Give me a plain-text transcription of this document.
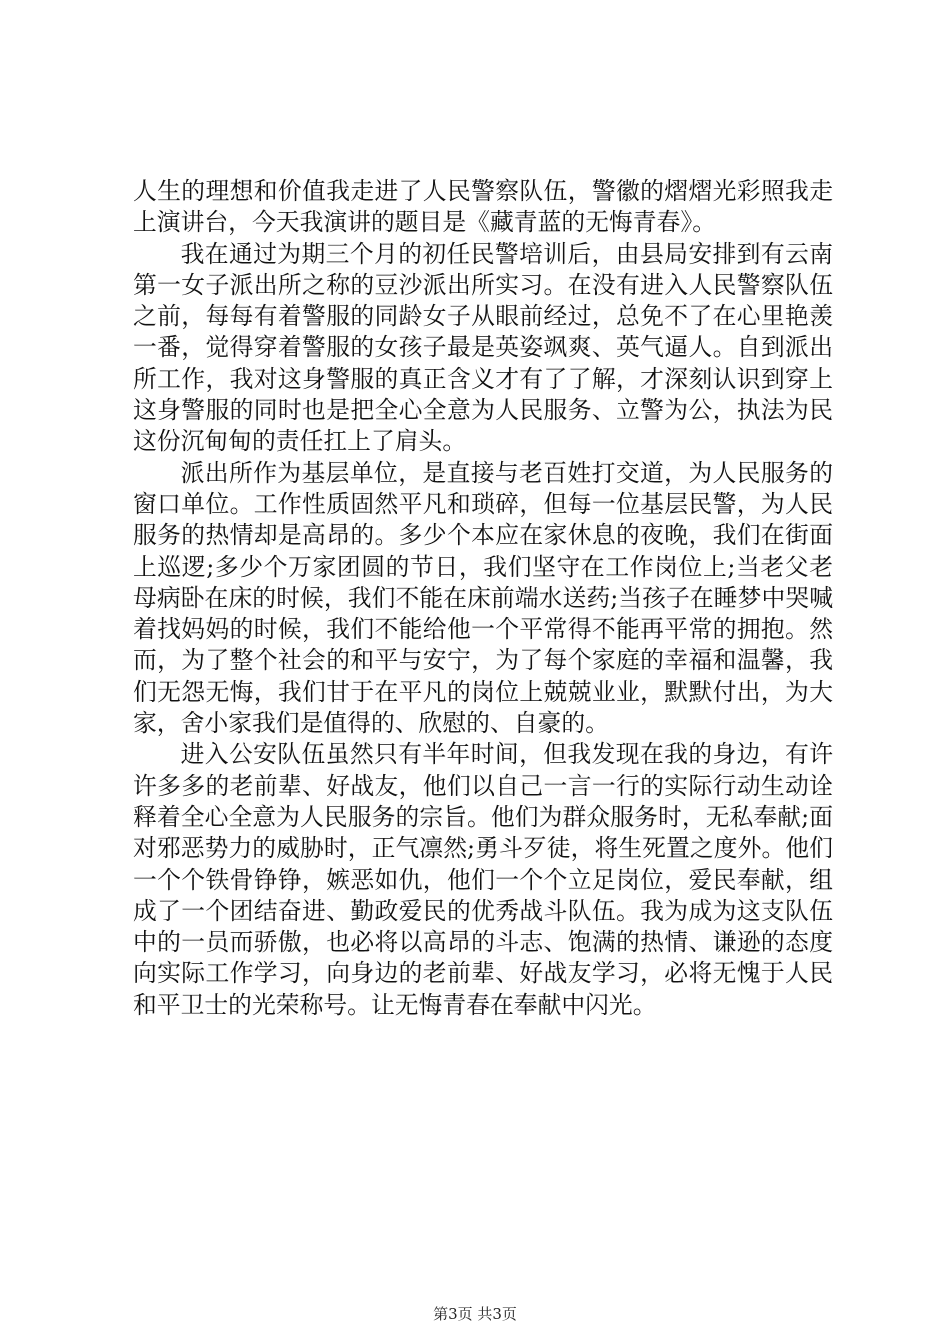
人生的理想和价值我走进了人民警察队伍，警徽的熠熠光彩照我走上演讲台，今天我演讲的题目是《藏青蓝的无悔青春》。

我在通过为期三个月的初任民警培训后，由县局安排到有云南第一女子派出所之称的豆沙派出所实习。在没有进入人民警察队伍之前，每每有着警服的同龄女子从眼前经过，总免不了在心里艳羡一番，觉得穿着警服的女孩子最是英姿飒爽、英气逼人。自到派出所工作，我对这身警服的真正含义才有了了解，才深刻认识到穿上这身警服的同时也是把全心全意为人民服务、立警为公，执法为民这份沉甸甸的责任扛上了肩头。

派出所作为基层单位，是直接与老百姓打交道，为人民服务的窗口单位。工作性质固然平凡和琐碎，但每一位基层民警，为人民服务的热情却是高昂的。多少个本应在家休息的夜晚，我们在街面上巡逻;多少个万家团圆的节日，我们坚守在工作岗位上;当老父老母病卧在床的时候，我们不能在床前端水送药;当孩子在睡梦中哭喊着找妈妈的时候，我们不能给他一个平常得不能再平常的拥抱。然而，为了整个社会的和平与安宁，为了每个家庭的幸福和温馨，我们无怨无悔，我们甘于在平凡的岗位上兢兢业业，默默付出，为大家，舍小家我们是值得的、欣慰的、自豪的。

进入公安队伍虽然只有半年时间，但我发现在我的身边，有许许多多的老前辈、好战友，他们以自己一言一行的实际行动生动诠释着全心全意为人民服务的宗旨。他们为群众服务时，无私奉献;面对邪恶势力的威胁时，正气凛然;勇斗歹徒，将生死置之度外。他们一个个铁骨铮铮，嫉恶如仇，他们一个个立足岗位，爱民奉献，组成了一个团结奋进、勤政爱民的优秀战斗队伍。我为成为这支队伍中的一员而骄傲，也必将以高昂的斗志、饱满的热情、谦逊的态度向实际工作学习，向身边的老前辈、好战友学习，必将无愧于人民和平卫士的光荣称号。让无悔青春在奉献中闪光。

第3页 共3页
